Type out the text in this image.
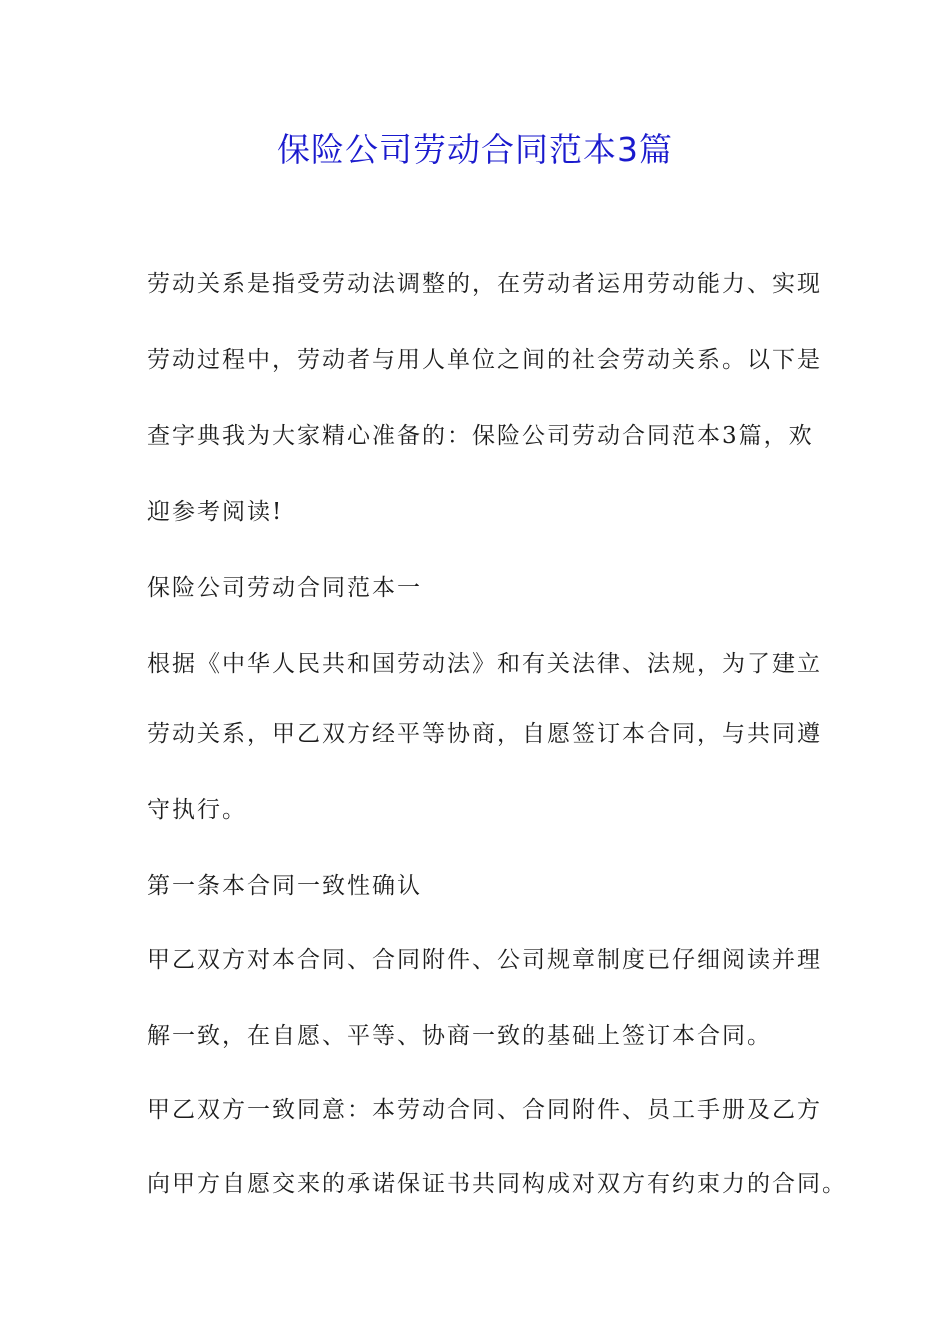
保险公司劳动合同范本3篇
劳动关系是指受劳动法调整的，在劳动者运用劳动能力、实现
劳动过程中，劳动者与用人单位之间的社会劳动关系。以下是
查字典我为大家精心准备的：保险公司劳动合同范本3篇，欢
迎参考阅读!
保险公司劳动合同范本一
根据《中华人民共和国劳动法》和有关法律、法规，为了建立
劳动关系，甲乙双方经平等协商，自愿签订本合同，与共同遵
守执行。
第一条本合同一致性确认
甲乙双方对本合同、合同附件、公司规章制度已仔细阅读并理
解一致，在自愿、平等、协商一致的基础上签订本合同。
甲乙双方一致同意：本劳动合同、合同附件、员工手册及乙方
向甲方自愿交来的承诺保证书共同构成对双方有约束力的合同。
